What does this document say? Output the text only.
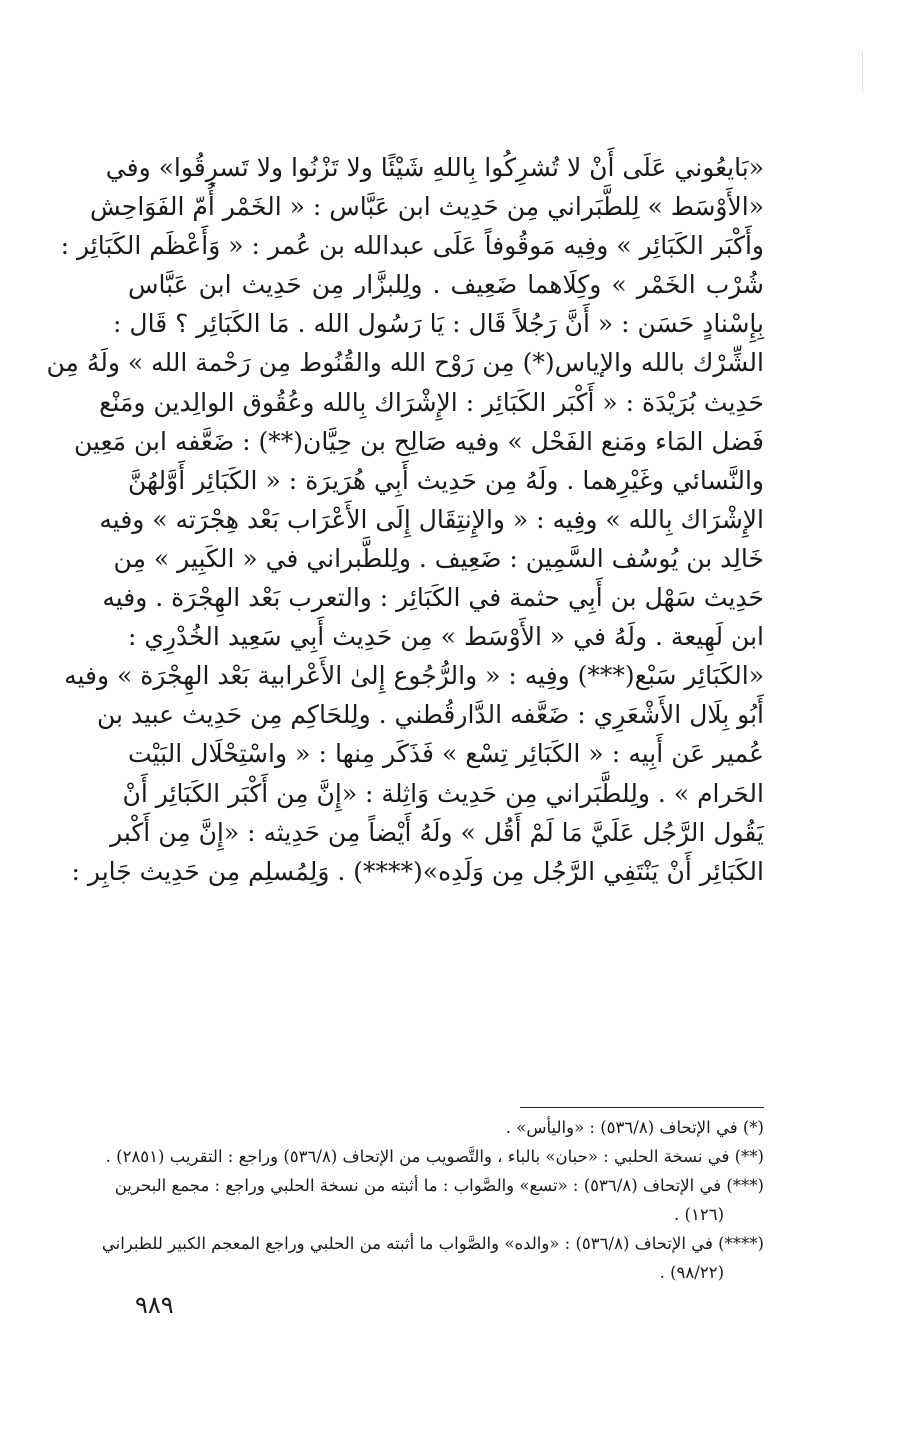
«بَايعُوني عَلَى أَنْ لا تُشرِكُوا بِاللهِ شَيْئًا ولا تَزْنُوا ولا تَسرِقُوا» وفي
«الأَوْسَط » لِلطَّبَراني مِن حَدِيث ابن عَبَّاس : « الخَمْر أُمّ الفَوَاحِش
وأَكْبَر الكَبَائِر » وفِيه مَوقُوفاً عَلَى عبدالله بن عُمر : « وَأَعْظَم الكَبَائِر :
شُرْب الخَمْر » وكِلَاهما ضَعِيف . ولِلبزَّار مِن حَدِيث ابن عَبَّاس
بِإِسْنادٍ حَسَن : « أَنَّ رَجُلاً قَال : يَا رَسُول الله . مَا الكَبَائِر ؟ قَال :
الشِّرْك بالله والإياس(*) مِن رَوْح الله والقُنُوط مِن رَحْمة الله » ولَهُ مِن
حَدِيث بُرَيْدَة : « أَكْبَر الكَبَائِر : الإِشْرَاك بِالله وعُقُوق الوالِدين ومَنْع
فَضل المَاء ومَنع الفَحْل » وفيه صَالِح بن حِيَّان(**) : ضَعَّفه ابن مَعِين
والنَّسائي وغَيْرِهما . ولَهُ مِن حَدِيث أَبِي هُرَيرَة : « الكَبَائِر أَوَّلهُنَّ
الإِشْرَاك بِالله » وفِيه : « والإِنتِقَال إِلَى الأَعْرَاب بَعْد هِجْرَته » وفيه
خَالِد بن يُوسُف السَّمِين : ضَعِيف . ولِلطَّبراني في « الكَبِير » مِن
حَدِيث سَهْل بن أَبِي حثمة في الكَبَائِر : والتعرب بَعْد الهِجْرَة . وفيه
ابن لَهِيعة . ولَهُ في « الأَوْسَط » مِن حَدِيث أَبِي سَعِيد الخُدْرِي :
«الكَبَائِر سَبْع(***) وفِيه : « والرُّجُوع إِلىٰ الأَعْرابية بَعْد الهِجْرَة » وفيه
أَبُو بِلَال الأَشْعَرِي : ضَعَّفه الدَّارقُطني . ولِلحَاكِم مِن حَدِيث عبيد بن
عُمير عَن أَبِيه : « الكَبَائِر تِسْع » فَذَكَر مِنها : « واسْتِحْلَال البَيْت
الحَرام » . ولِلطَّبَراني مِن حَدِيث وَاثِلة : «إِنَّ مِن أَكْبَر الكَبَائِر أَنْ
يَقُول الرَّجُل عَلَيَّ مَا لَمْ أَقُل » ولَهُ أَيْضاً مِن حَدِيثه : «إِنَّ مِن أَكْبر
الكَبَائِر أَنْ يَنْتَفِي الرَّجُل مِن وَلَدِه»(****) . وَلِمُسلِم مِن حَدِيث جَابِر :
(*) في الإتحاف (٥٣٦/٨) : «واليأس» .
(**) في نسخة الحلبي : «حبان» بالباء ، والتَّصويب من الإتحاف (٥٣٦/٨) وراجع : التقريب (٢٨٥١) .
(***) في الإتحاف (٥٣٦/٨) : «تسع» والصَّواب : ما أثبته من نسخة الحلبي وراجع : مجمع البحرين
(١٢٦) .
(****) في الإتحاف (٥٣٦/٨) : «والده» والصَّواب ما أثبته من الحلبي وراجع المعجم الكبير للطبراني
(٩٨/٢٢) .
٩٨٩
